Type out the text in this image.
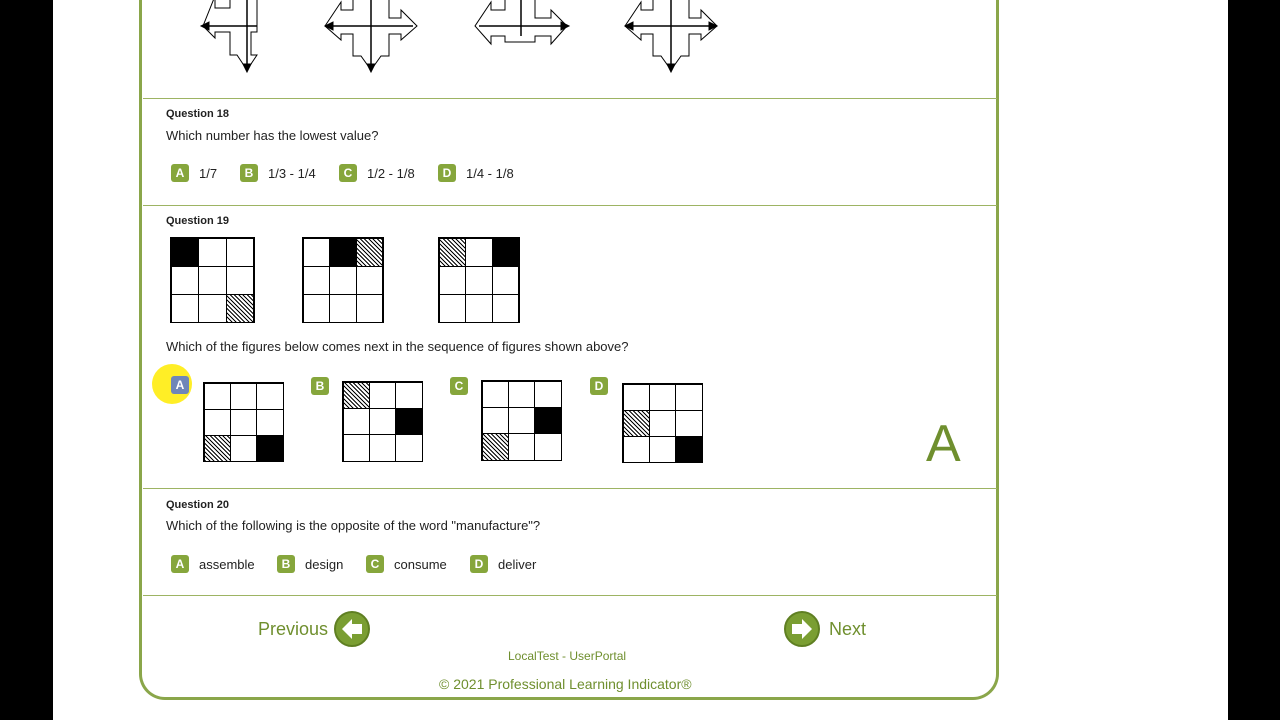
Question 18
Which number has the lowest value?
A	1/7	B	1/3 - 1/4	C	1/2 - 1/8	D	1/4 - 1/8
Question 19
Which of the figures below comes next in the sequence of figures shown above?
A	B	C	D
A
Question 20
Which of the following is the opposite of the word "manufacture"?
A	assemble	B	design	C	consume	D	deliver
Previous	Next
LocalTest - UserPortal
© 2021 Professional Learning Indicator®
